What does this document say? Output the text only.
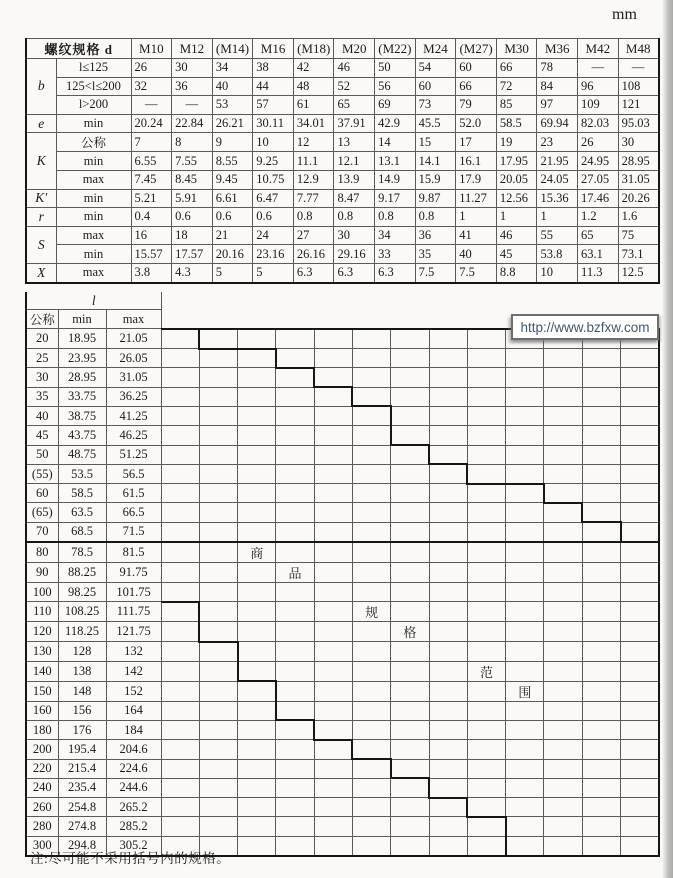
mm
螺纹规格 d		M10	M12	(M14)	M16	(M18)	M20	(M22)	M24	(M27)	M30	M36	M42	M48
b	l≤125	26	30	34	38	42	46	50	54	60	66	78	—	—
	125<l≤200	32	36	40	44	48	52	56	60	66	72	84	96	108
	l>200	—	—	53	57	61	65	69	73	79	85	97	109	121
e	min	20.24	22.84	26.21	30.11	34.01	37.91	42.9	45.5	52.0	58.5	69.94	82.03	95.03
K	公称	7	8	9	10	12	13	14	15	17	19	23	26	30
	min	6.55	7.55	8.55	9.25	11.1	12.1	13.1	14.1	16.1	17.95	21.95	24.95	28.95
	max	7.45	8.45	9.45	10.75	12.9	13.9	14.9	15.9	17.9	20.05	24.05	27.05	31.05
K′	min	5.21	5.91	6.61	6.47	7.77	8.47	9.17	9.87	11.27	12.56	15.36	17.46	20.26
r	min	0.4	0.6	0.6	0.6	0.8	0.8	0.8	0.8	1	1	1	1.2	1.6
S	max	16	18	21	24	27	30	34	36	41	46	55	65	75
	min	15.57	17.57	20.16	23.16	26.16	29.16	33	35	40	45	53.8	63.1	73.1
X	max	3.8	4.3	5	5	6.3	6.3	6.3	7.5	7.5	8.8	10	11.3	12.5
l															
公称	min	max													
20	18.95	21.05													
25	23.95	26.05													
30	28.95	31.05													
35	33.75	36.25													
40	38.75	41.25													
45	43.75	46.25													
50	48.75	51.25													
(55)	53.5	56.5													
60	58.5	61.5													
(65)	63.5	66.5													
70	68.5	71.5													
80	78.5	81.5			商										
90	88.25	91.75				品									
100	98.25	101.75													
110	108.25	111.75						规							
120	118.25	121.75							格						
130	128	132													
140	138	142									范				
150	148	152										围			
160	156	164													
180	176	184													
200	195.4	204.6													
220	215.4	224.6													
240	235.4	244.6													
260	254.8	265.2													
280	274.8	285.2													
300	294.8	305.2													
http://www.bzfxw.com
注:尽可能不采用括号内的规格。
